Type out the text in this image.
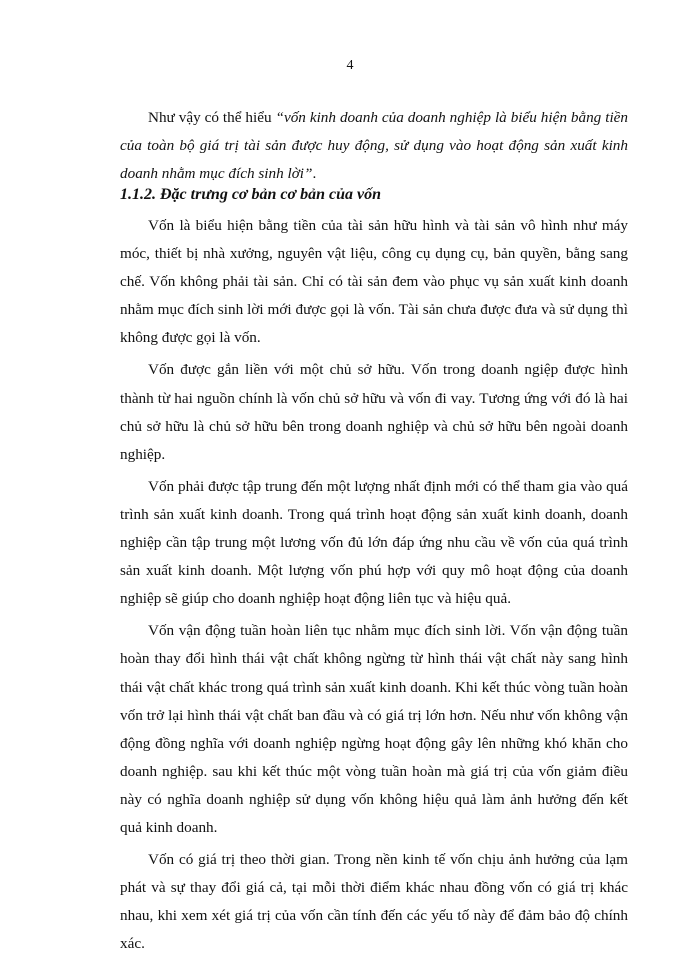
4

Như vậy có thể hiểu “vốn kinh doanh của doanh nghiệp là biểu hiện bằng tiền của toàn bộ giá trị tài sản được huy động, sử dụng vào hoạt động sản xuất kinh doanh nhằm mục đích sinh lời”.

1.1.2. Đặc trưng cơ bản cơ bản của vốn

Vốn là biểu hiện bằng tiền của tài sản hữu hình và tài sản vô hình như máy móc, thiết bị nhà xưởng, nguyên vật liệu, công cụ dụng cụ, bản quyền, bằng sang chế. Vốn không phải tài sản. Chỉ có tài sản đem vào phục vụ sản xuất kinh doanh nhằm mục đích sinh lời mới được gọi là vốn. Tài sản chưa được đưa và sử dụng thì không được gọi là vốn.

Vốn được gắn liền với một chủ sở hữu. Vốn trong doanh ngiệp được hình thành từ hai nguồn chính là vốn chủ sở hữu và vốn đi vay. Tương ứng với đó là hai chủ sở hữu là chủ sở hữu bên trong doanh nghiệp và chủ sở hữu bên ngoài doanh nghiệp.

Vốn phải được tập trung đến một lượng nhất định mới có thể tham gia vào quá trình sản xuất kinh doanh. Trong quá trình hoạt động sản xuất kinh doanh, doanh nghiệp cần tập trung một lương vốn đủ lớn đáp ứng nhu cầu về vốn của quá trình sản xuất kinh doanh. Một lượng vốn phú hợp với quy mô hoạt động của doanh nghiệp sẽ giúp cho doanh nghiệp hoạt động liên tục và hiệu quả.

Vốn vận động tuần hoàn liên tục nhằm mục đích sinh lời. Vốn vận động tuần hoàn thay đổi hình thái vật chất không ngừng từ hình thái vật chất này sang hình thái vật chất khác trong quá trình sản xuất kinh doanh. Khi kết thúc vòng tuần hoàn vốn trở lại hình thái vật chất ban đầu và có giá trị lớn hơn. Nếu như vốn không vận động đồng nghĩa với doanh nghiệp ngừng hoạt động gây lên những khó khăn cho doanh nghiệp. sau khi kết thúc một vòng tuần hoàn mà giá trị của vốn giảm điều này có nghĩa doanh nghiệp sử dụng vốn không hiệu quả làm ảnh hưởng đến kết quả kinh doanh.

Vốn có giá trị theo thời gian. Trong nền kinh tế vốn chịu ảnh hưởng của lạm phát và sự thay đổi giá cả, tại mỗi thời điểm khác nhau đồng vốn có giá trị khác nhau, khi xem xét giá trị của vốn cần tính đến các yếu tố này để đảm bảo độ chính xác.
